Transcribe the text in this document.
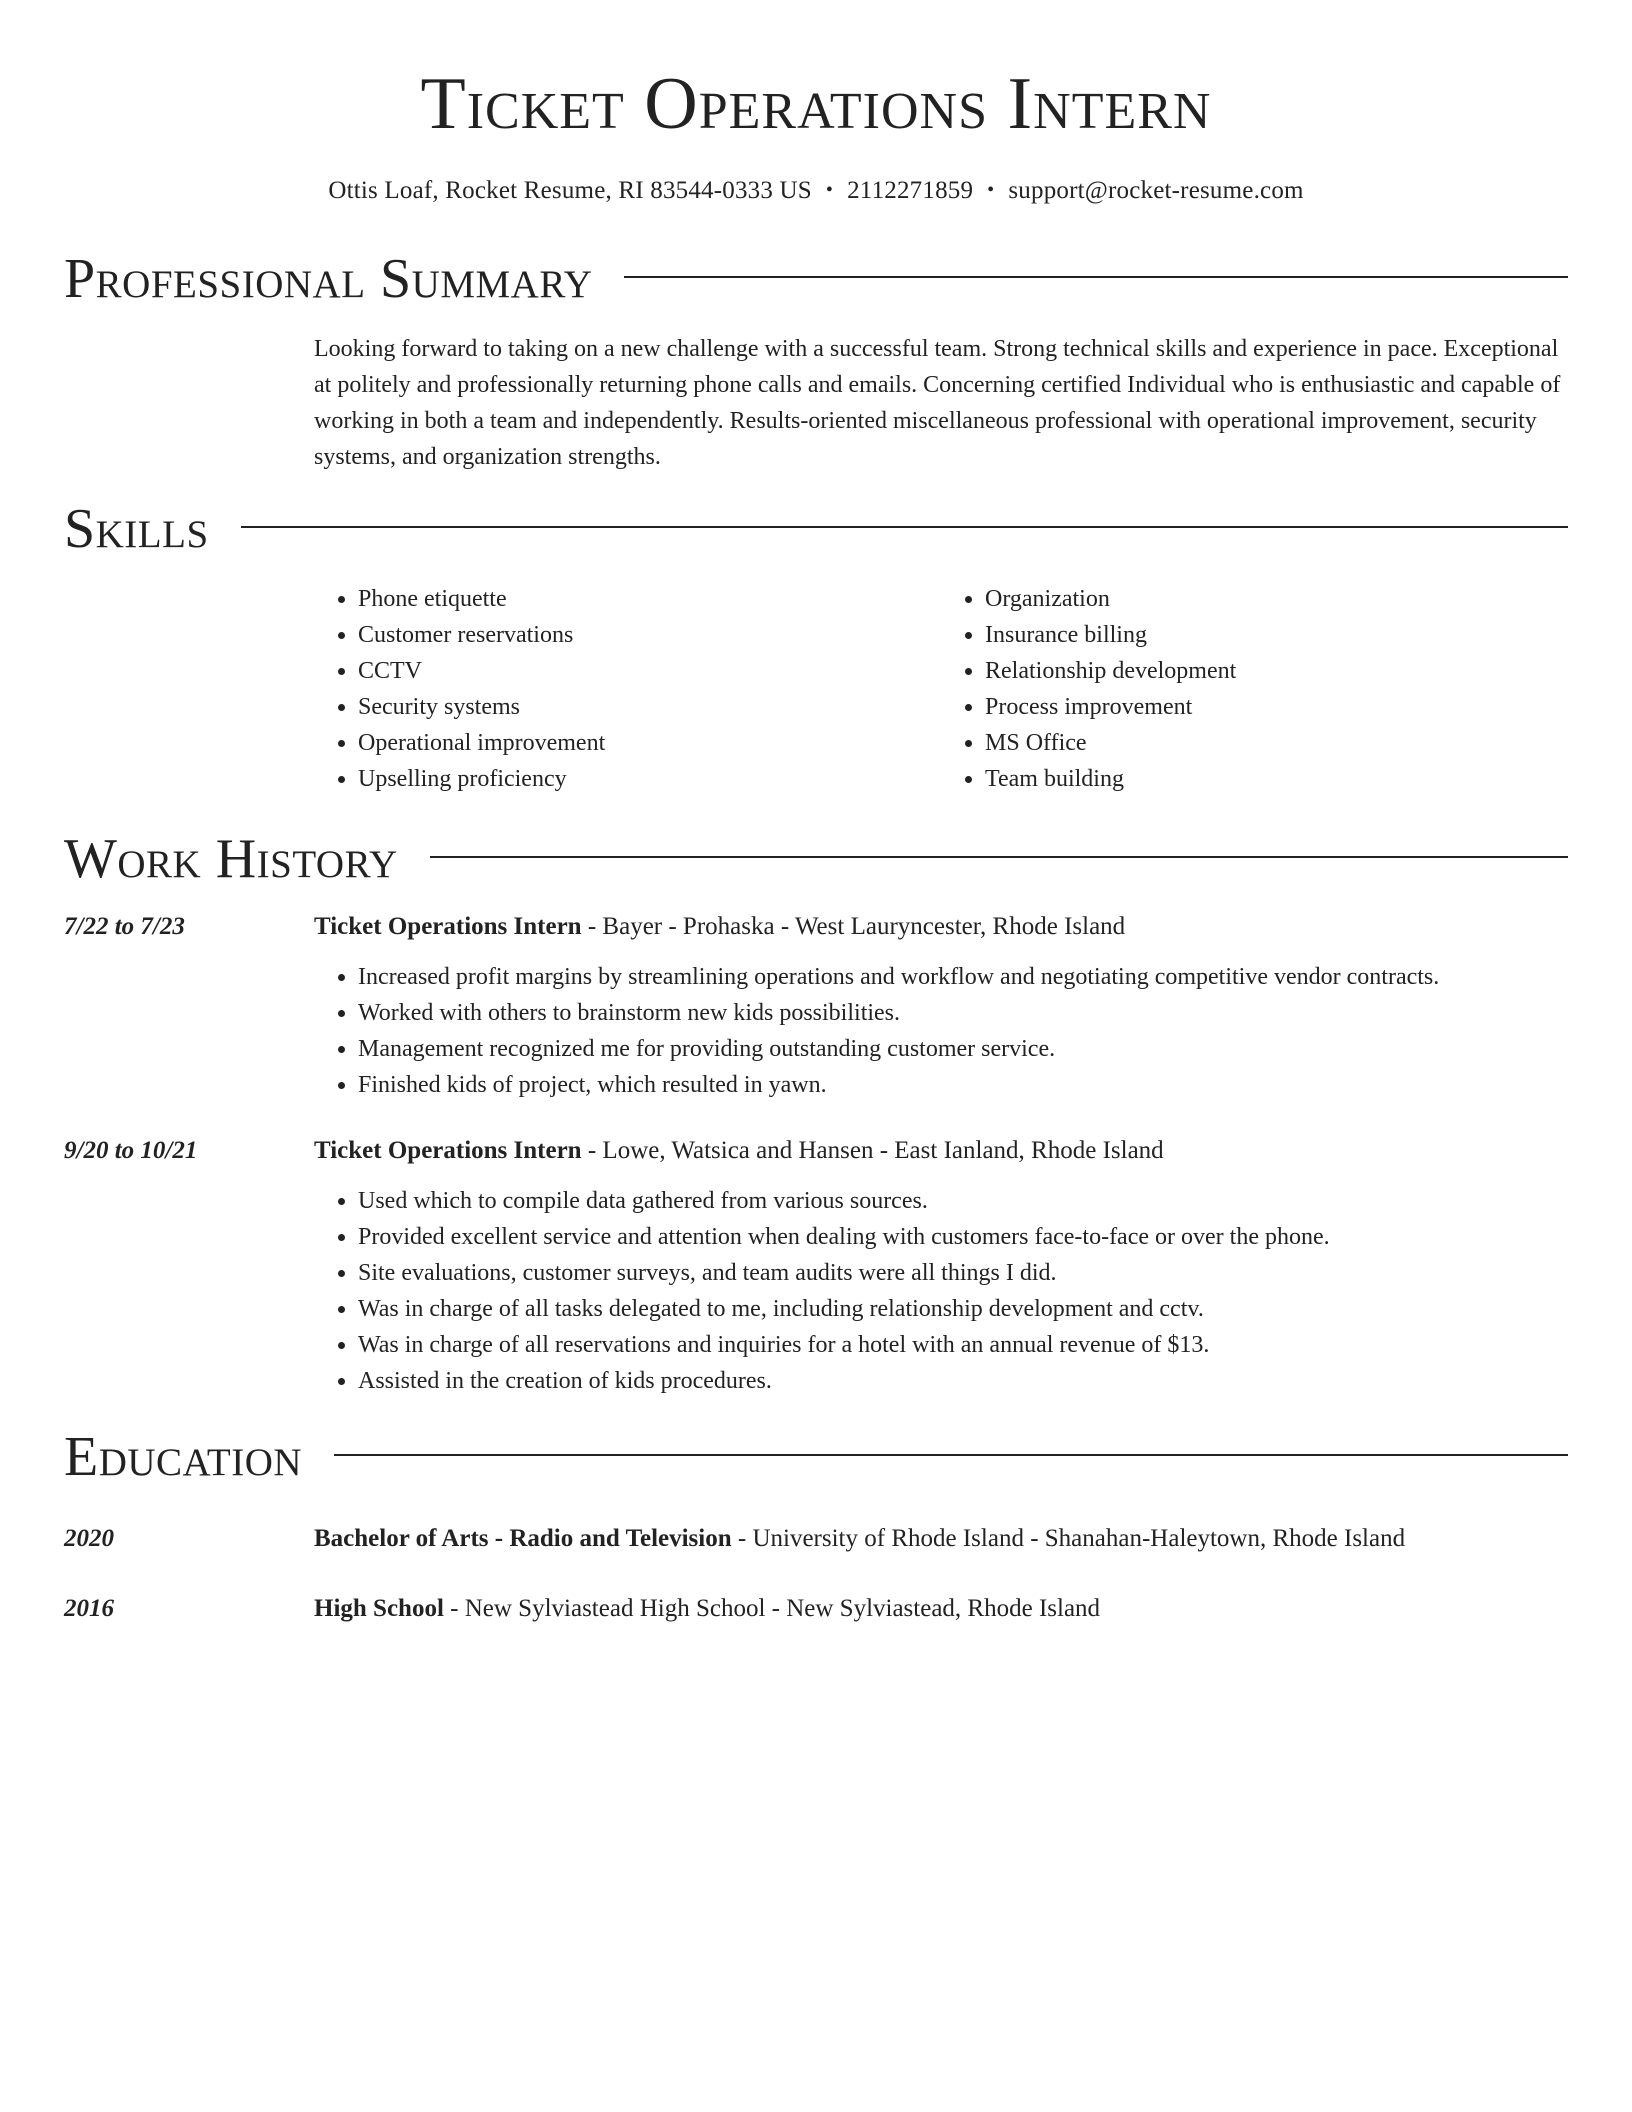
Ticket Operations Intern
Ottis Loaf, Rocket Resume, RI 83544-0333 US • 2112271859 • support@rocket-resume.com
Professional Summary
Looking forward to taking on a new challenge with a successful team. Strong technical skills and experience in pace. Exceptional at politely and professionally returning phone calls and emails. Concerning certified Individual who is enthusiastic and capable of working in both a team and independently. Results-oriented miscellaneous professional with operational improvement, security systems, and organization strengths.
Skills
• Phone etiquette
• Customer reservations
• CCTV
• Security systems
• Operational improvement
• Upselling proficiency
• Organization
• Insurance billing
• Relationship development
• Process improvement
• MS Office
• Team building
Work History
7/22 to 7/23	Ticket Operations Intern - Bayer - Prohaska - West Lauryncester, Rhode Island
• Increased profit margins by streamlining operations and workflow and negotiating competitive vendor contracts.
• Worked with others to brainstorm new kids possibilities.
• Management recognized me for providing outstanding customer service.
• Finished kids of project, which resulted in yawn.
9/20 to 10/21	Ticket Operations Intern - Lowe, Watsica and Hansen - East Ianland, Rhode Island
• Used which to compile data gathered from various sources.
• Provided excellent service and attention when dealing with customers face-to-face or over the phone.
• Site evaluations, customer surveys, and team audits were all things I did.
• Was in charge of all tasks delegated to me, including relationship development and cctv.
• Was in charge of all reservations and inquiries for a hotel with an annual revenue of $13.
• Assisted in the creation of kids procedures.
Education
2020	Bachelor of Arts - Radio and Television - University of Rhode Island - Shanahan-Haleytown, Rhode Island
2016	High School - New Sylviastead High School - New Sylviastead, Rhode Island
